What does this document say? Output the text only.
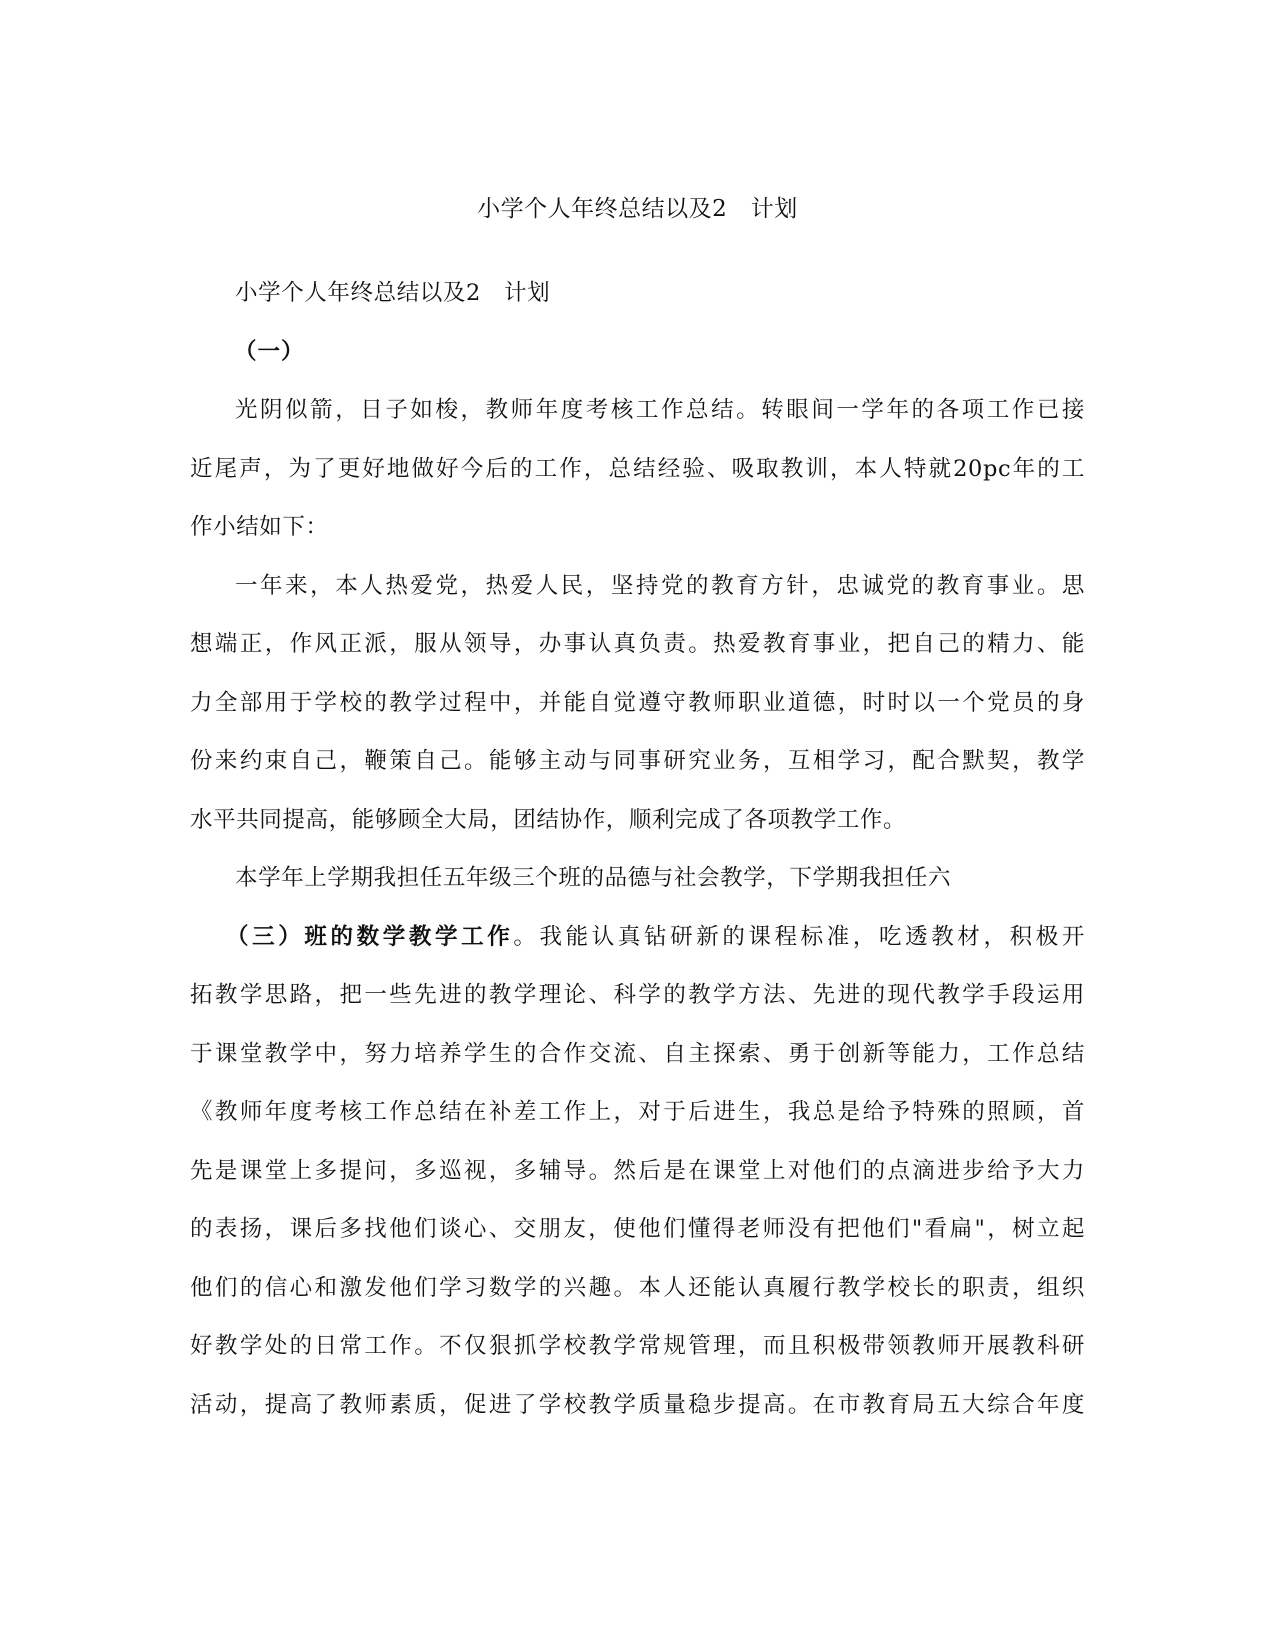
小学个人年终总结以及2　计划
小学个人年终总结以及2　计划
（一）
光阴似箭，日子如梭，教师年度考核工作总结。转眼间一学年的各项工作已接
近尾声，为了更好地做好今后的工作，总结经验、吸取教训，本人特就20pc年的工
作小结如下：
一年来，本人热爱党，热爱人民，坚持党的教育方针，忠诚党的教育事业。思
想端正，作风正派，服从领导，办事认真负责。热爱教育事业，把自己的精力、能
力全部用于学校的教学过程中，并能自觉遵守教师职业道德，时时以一个党员的身
份来约束自己，鞭策自己。能够主动与同事研究业务，互相学习，配合默契，教学
水平共同提高，能够顾全大局，团结协作，顺利完成了各项教学工作。
本学年上学期我担任五年级三个班的品德与社会教学，下学期我担任六
（三）班的数学教学工作。我能认真钻研新的课程标准，吃透教材，积极开
拓教学思路，把一些先进的教学理论、科学的教学方法、先进的现代教学手段运用
于课堂教学中，努力培养学生的合作交流、自主探索、勇于创新等能力，工作总结
《教师年度考核工作总结在补差工作上，对于后进生，我总是给予特殊的照顾，首
先是课堂上多提问，多巡视，多辅导。然后是在课堂上对他们的点滴进步给予大力
的表扬，课后多找他们谈心、交朋友，使他们懂得老师没有把他们"看扁"，树立起
他们的信心和激发他们学习数学的兴趣。本人还能认真履行教学校长的职责，组织
好教学处的日常工作。不仅狠抓学校教学常规管理，而且积极带领教师开展教科研
活动，提高了教师素质，促进了学校教学质量稳步提高。在市教育局五大综合年度
